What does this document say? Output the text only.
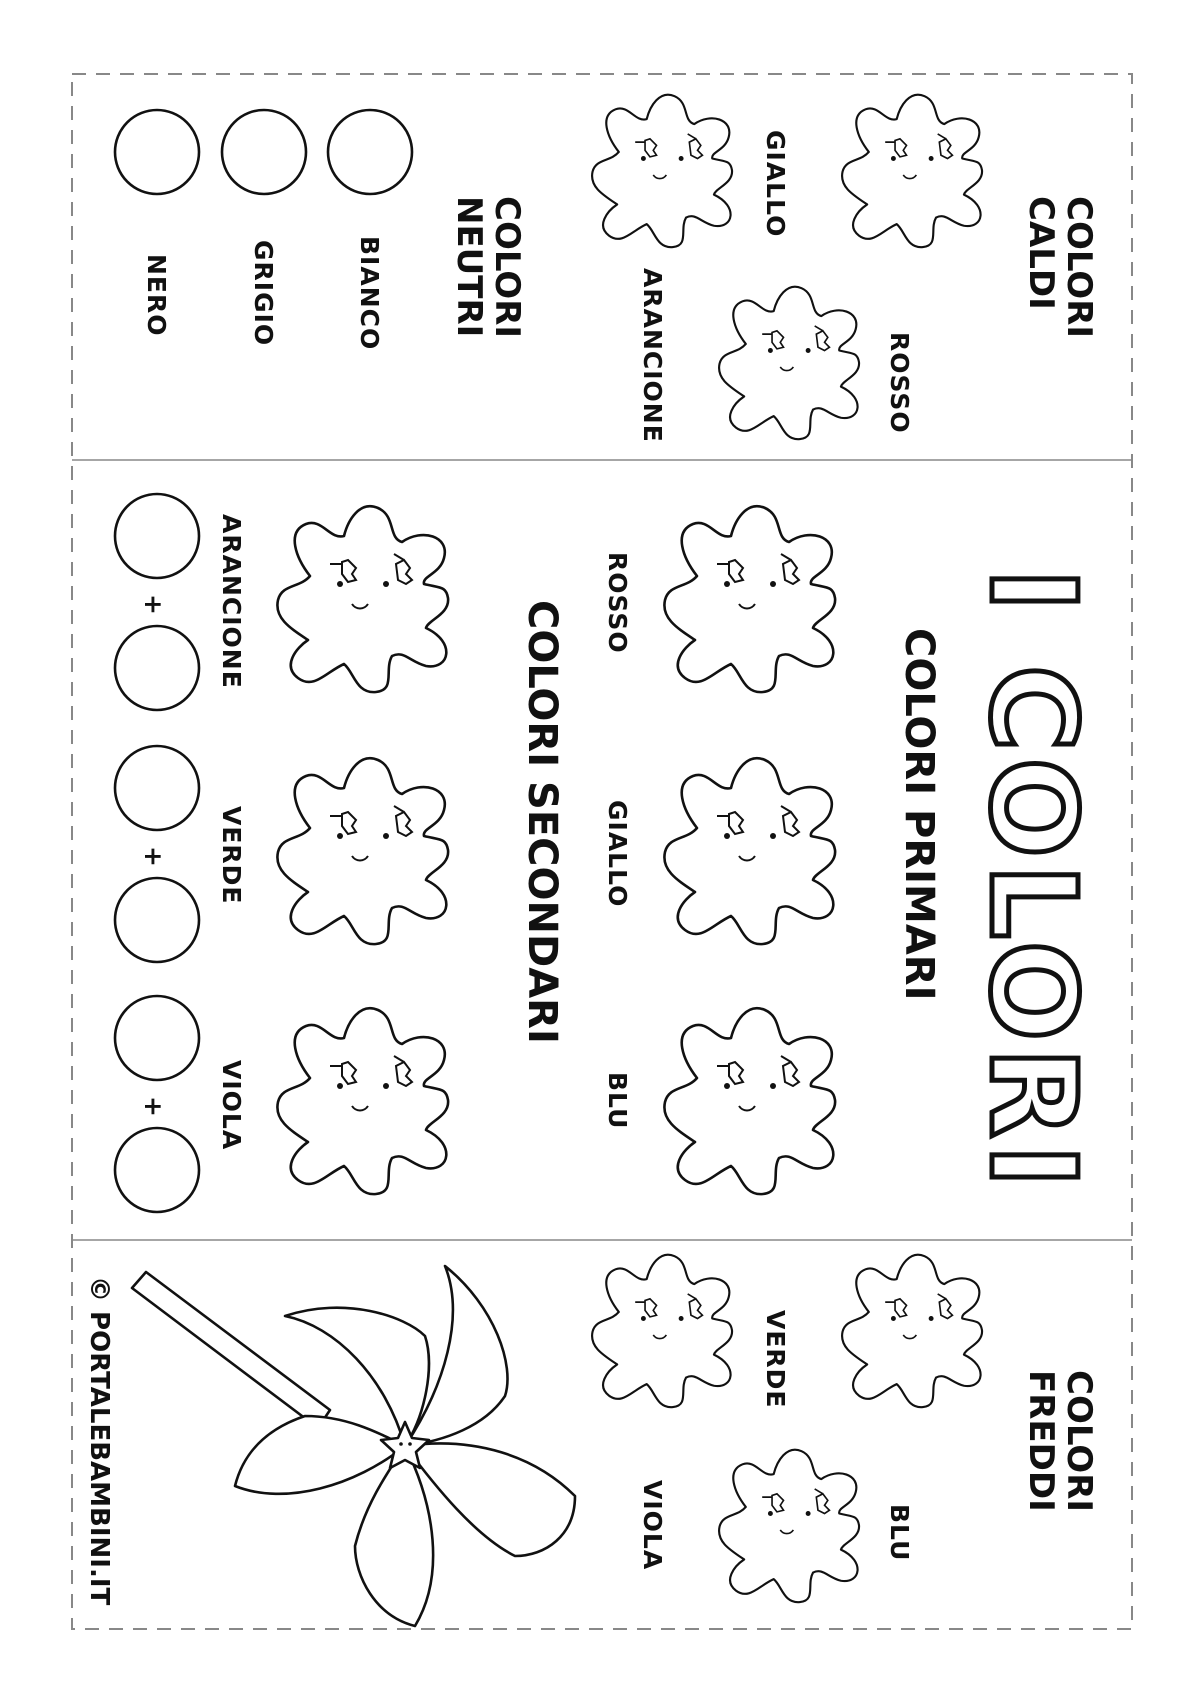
I COLORI
COLORI
CALDI
GIALLO
ROSSO
ARANCIONE
COLORI
NEUTRI
BIANCO
GRIGIO
NERO
COLORI PRIMARI
ROSSO
GIALLO
BLU
COLORI SECONDARI
ARANCIONE
VERDE
VIOLA
+
+
+
COLORI
FREDDI
VERDE
BLU
VIOLA
© PORTALEBAMBINI.IT
